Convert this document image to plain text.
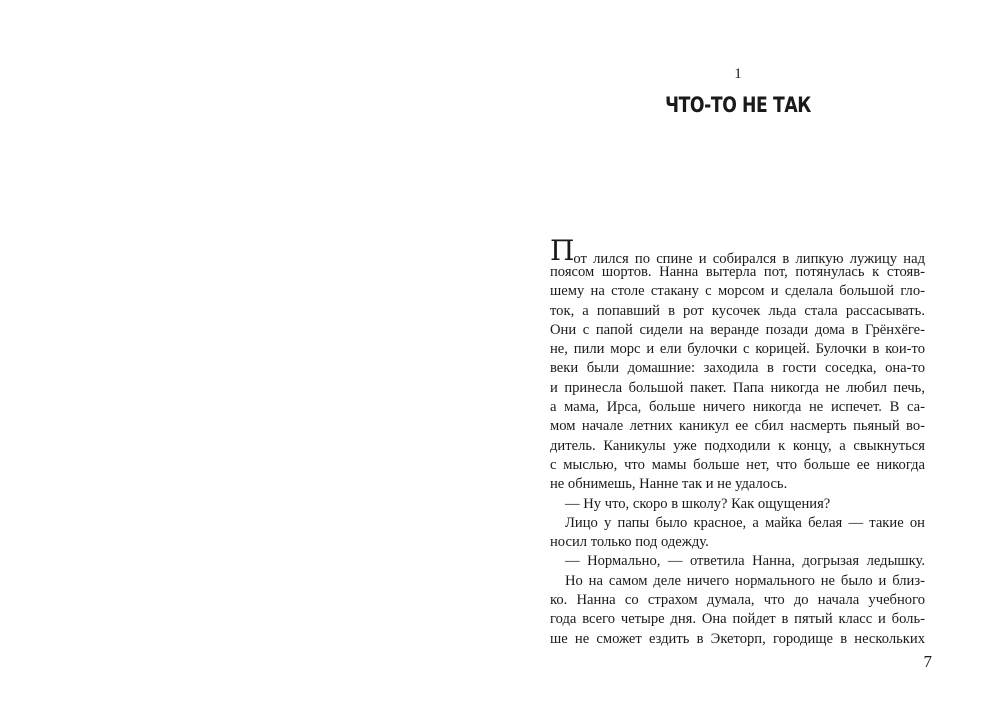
1
ЧТО-ТО НЕ ТАК
Пот лился по спине и собирался в липкую лужицу над
поясом шортов. Нанна вытерла пот, потянулась к стояв-
шему на столе стакану с морсом и сделала большой гло-
ток, а попавший в рот кусочек льда стала рассасывать.
Они с папой сидели на веранде позади дома в Грёнхёге-
не, пили морс и ели булочки с корицей. Булочки в кои-то
веки были домашние: заходила в гости соседка, она-то
и принесла большой пакет. Папа никогда не любил печь,
а мама, Ирса, больше ничего никогда не испечет. В са-
мом начале летних каникул ее сбил насмерть пьяный во-
дитель. Каникулы уже подходили к концу, а свыкнуться
с мыслью, что мамы больше нет, что больше ее никогда
не обнимешь, Нанне так и не удалось.
— Ну что, скоро в школу? Как ощущения?
Лицо у папы было красное, а майка белая — такие он
носил только под одежду.
— Нормально, — ответила Нанна, догрызая ледышку.
Но на самом деле ничего нормального не было и близ-
ко. Нанна со страхом думала, что до начала учебного
года всего четыре дня. Она пойдет в пятый класс и боль-
ше не сможет ездить в Экеторп, городище в нескольких
7
